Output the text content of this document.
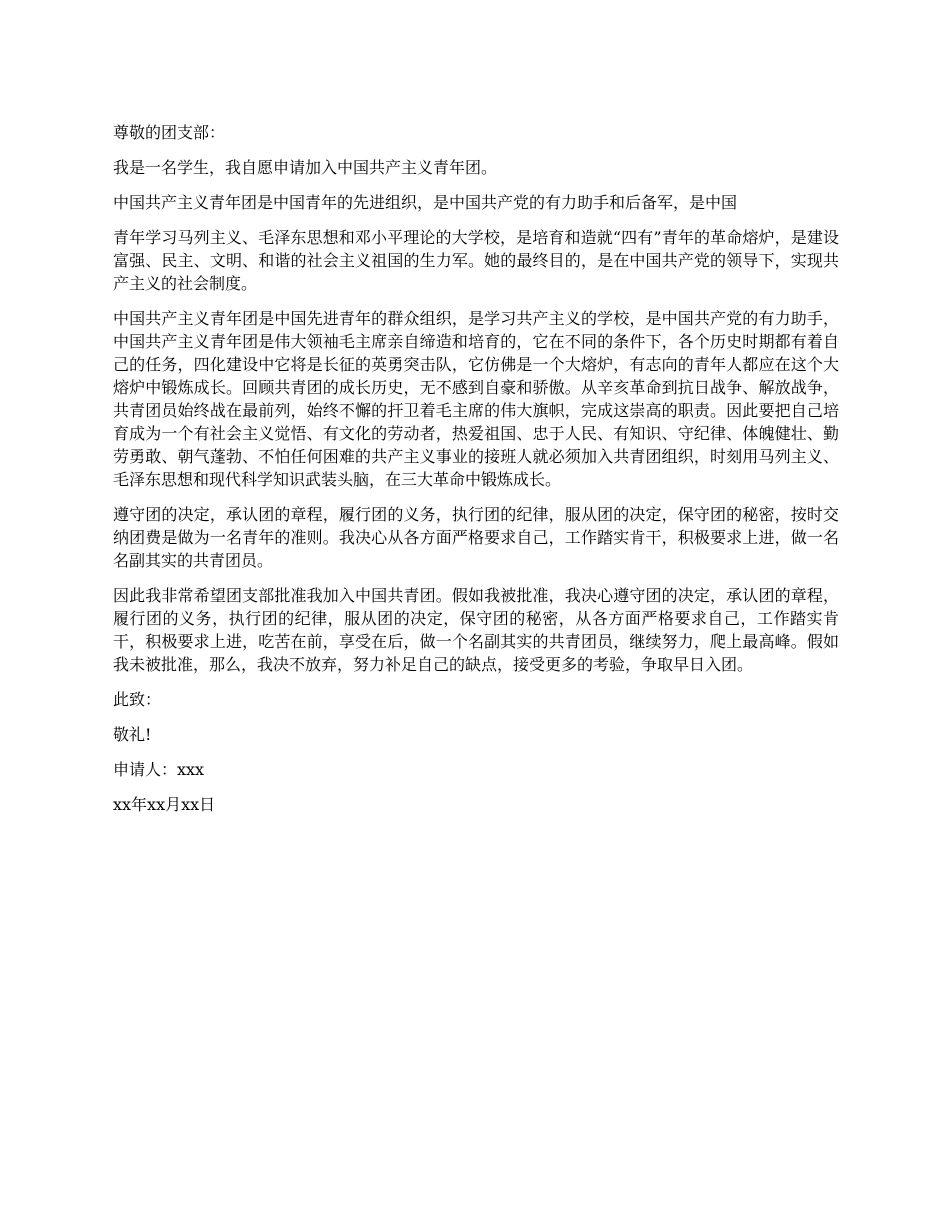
尊敬的团支部：

我是一名学生，我自愿申请加入中国共产主义青年团。

中国共产主义青年团是中国青年的先进组织，是中国共产党的有力助手和后备军，是中国

青年学习马列主义、毛泽东思想和邓小平理论的大学校，是培育和造就“四有”青年的革命熔炉，是建设富强、民主、文明、和谐的社会主义祖国的生力军。她的最终目的，是在中国共产党的领导下，实现共产主义的社会制度。

中国共产主义青年团是中国先进青年的群众组织，是学习共产主义的学校，是中国共产党的有力助手，中国共产主义青年团是伟大领袖毛主席亲自缔造和培育的，它在不同的条件下，各个历史时期都有着自己的任务，四化建设中它将是长征的英勇突击队，它仿佛是一个大熔炉，有志向的青年人都应在这个大熔炉中锻炼成长。回顾共青团的成长历史，无不感到自豪和骄傲。从辛亥革命到抗日战争、解放战争，共青团员始终战在最前列，始终不懈的扞卫着毛主席的伟大旗帜，完成这崇高的职责。因此要把自己培育成为一个有社会主义觉悟、有文化的劳动者，热爱祖国、忠于人民、有知识、守纪律、体魄健壮、勤劳勇敢、朝气蓬勃、不怕任何困难的共产主义事业的接班人就必须加入共青团组织，时刻用马列主义、毛泽东思想和现代科学知识武装头脑，在三大革命中锻炼成长。

遵守团的决定，承认团的章程，履行团的义务，执行团的纪律，服从团的决定，保守团的秘密，按时交纳团费是做为一名青年的准则。我决心从各方面严格要求自己，工作踏实肯干，积极要求上进，做一名名副其实的共青团员。

因此我非常希望团支部批准我加入中国共青团。假如我被批准，我决心遵守团的决定，承认团的章程，履行团的义务，执行团的纪律，服从团的决定，保守团的秘密，从各方面严格要求自己，工作踏实肯干，积极要求上进，吃苦在前，享受在后，做一个名副其实的共青团员，继续努力，爬上最高峰。假如我未被批准，那么，我决不放弃，努力补足自己的缺点，接受更多的考验，争取早日入团。

此致：

敬礼!

申请人：xxx

xx年xx月xx日
